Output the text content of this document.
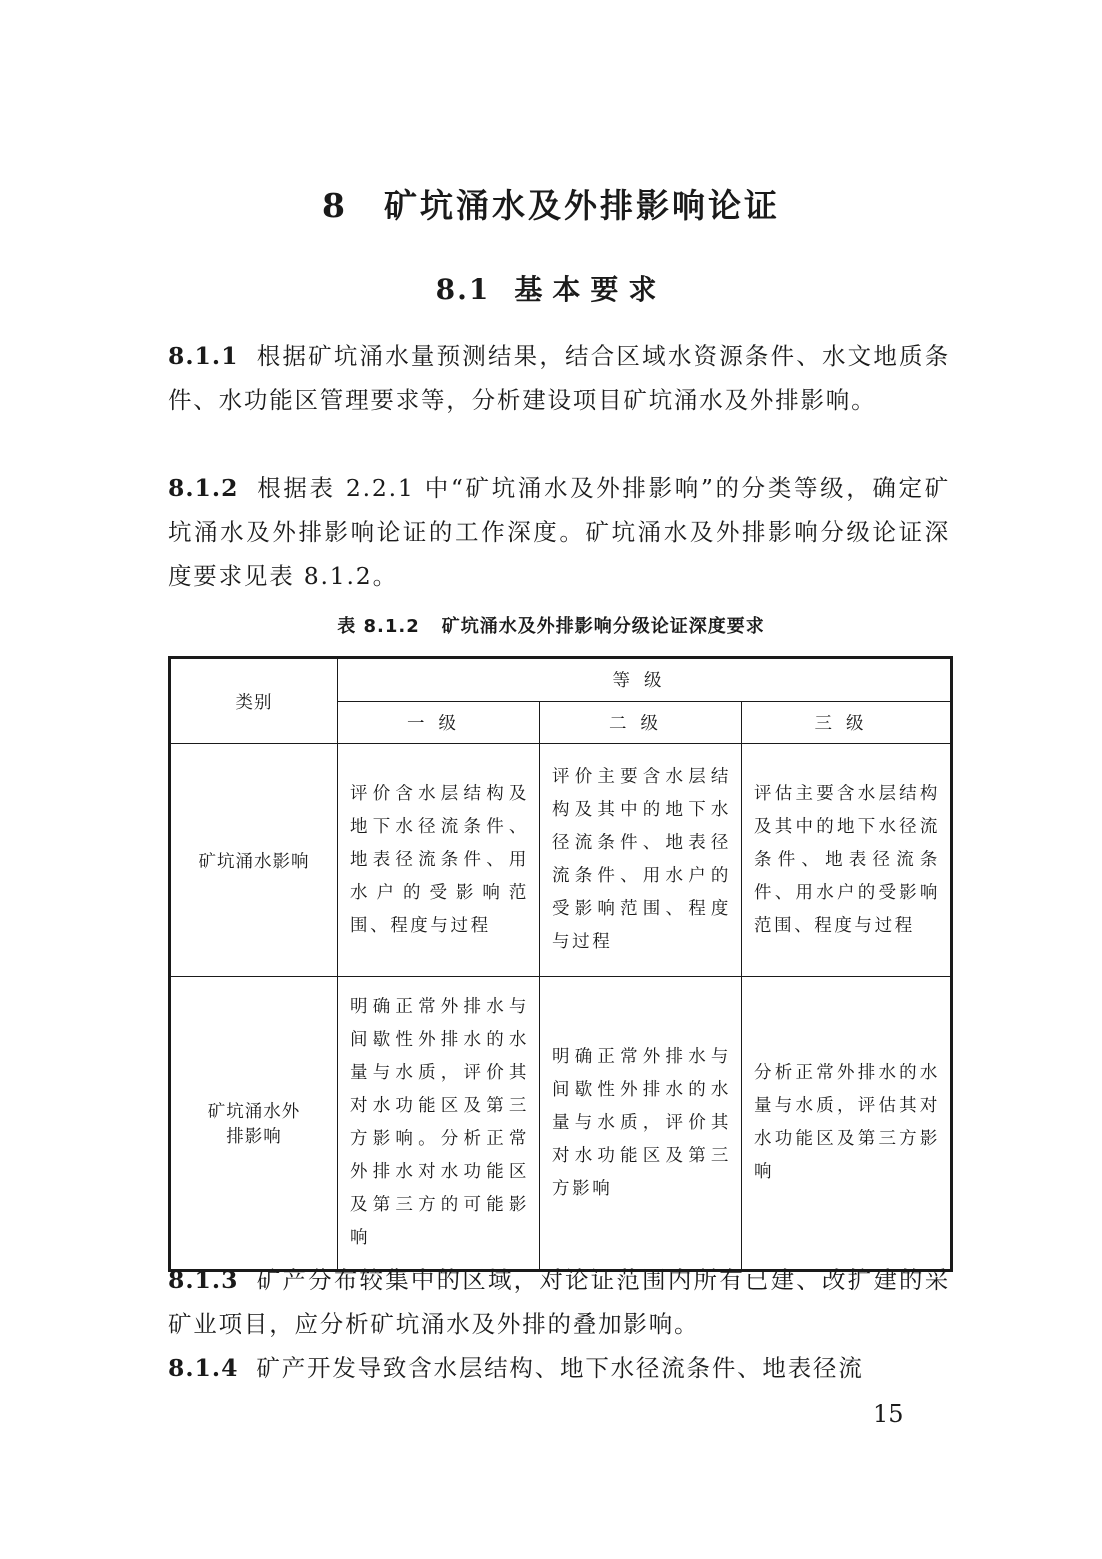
8 矿坑涌水及外排影响论证
8.1 基本要求

8.1.1 根据矿坑涌水量预测结果，结合区域水资源条件、水文地质条件、水功能区管理要求等，分析建设项目矿坑涌水及外排影响。

8.1.2 根据表 2.2.1 中“矿坑涌水及外排影响”的分类等级，确定矿坑涌水及外排影响论证的工作深度。矿坑涌水及外排影响分级论证深度要求见表 8.1.2。

表 8.1.2 矿坑涌水及外排影响分级论证深度要求

类别	等级		
	一级	二级	三级
矿坑涌水影响	评价含水层结构及地下水径流条件、地表径流条件、用水户的受影响范围、程度与过程	评价主要含水层结构及其中的地下水径流条件、地表径流条件、用水户的受影响范围、程度与过程	评估主要含水层结构及其中的地下水径流条件、地表径流条件、用水户的受影响范围、程度与过程
矿坑涌水外排影响	明确正常外排水与间歇性外排水的水量与水质，评价其对水功能区及第三方影响。分析正常外排水对水功能区及第三方的可能影响	明确正常外排水与间歇性外排水的水量与水质，评价其对水功能区及第三方影响	分析正常外排水的水量与水质，评估其对水功能区及第三方影响

8.1.3 矿产分布较集中的区域，对论证范围内所有已建、改扩建的采矿业项目，应分析矿坑涌水及外排的叠加影响。

8.1.4 矿产开发导致含水层结构、地下水径流条件、地表径流

15
